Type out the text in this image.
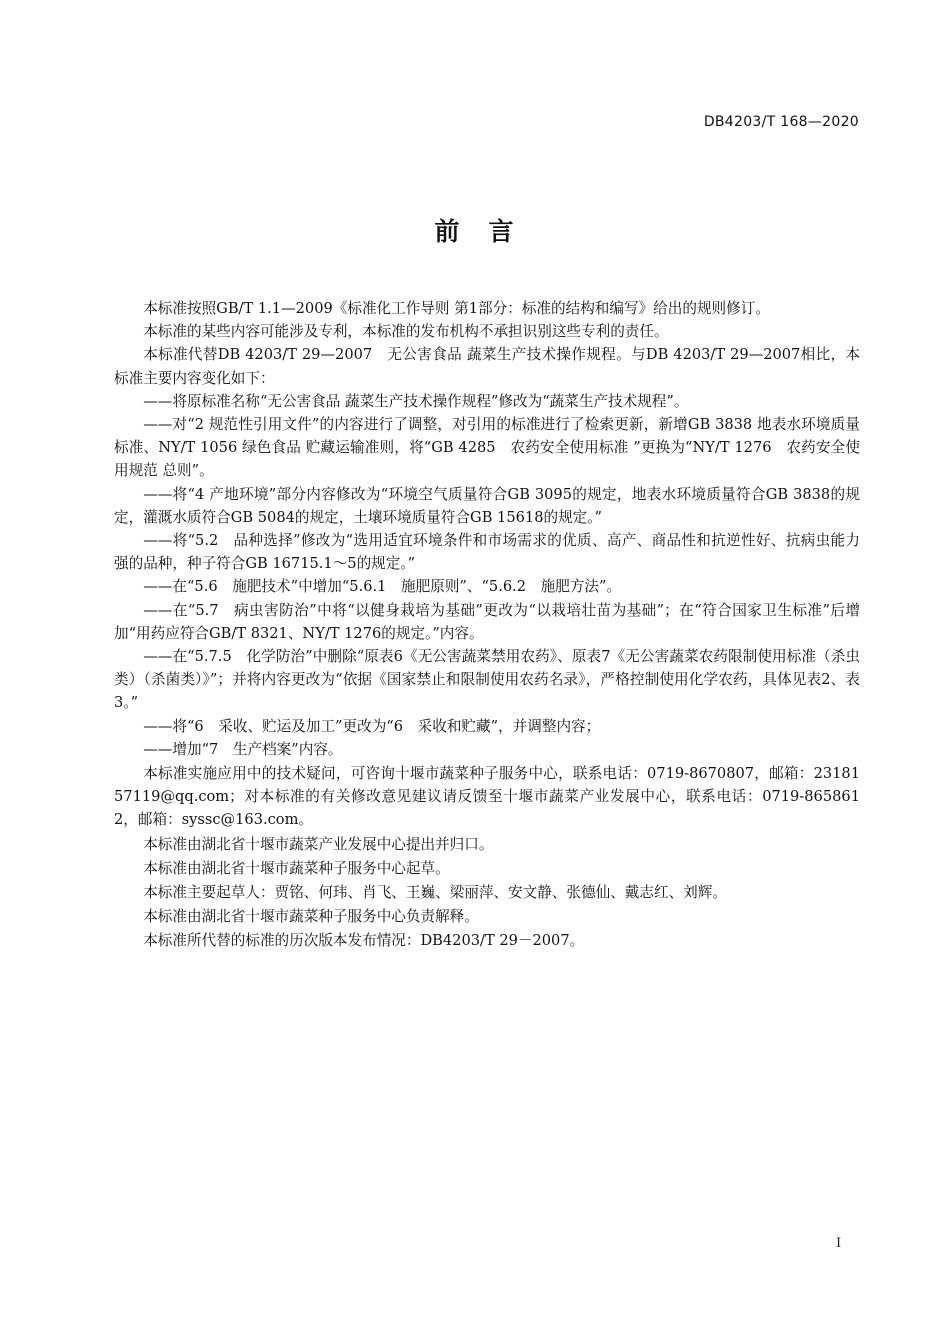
DB4203/T 168—2020
前　言

本标准按照GB/T 1.1—2009《标准化工作导则 第1部分：标准的结构和编写》给出的规则修订。

本标准的某些内容可能涉及专利，本标准的发布机构不承担识别这些专利的责任。

本标准代替DB 4203/T 29—2007　无公害食品 蔬菜生产技术操作规程。与DB 4203/T 29—2007相比，本标准主要内容变化如下：

——将原标准名称“无公害食品 蔬菜生产技术操作规程”修改为“蔬菜生产技术规程”。

——对“2 规范性引用文件”的内容进行了调整，对引用的标准进行了检索更新，新增GB 3838 地表水环境质量标准、NY/T 1056 绿色食品 贮藏运输准则，将“GB 4285　农药安全使用标准 ”更换为“NY/T 1276　农药安全使用规范 总则”。

——将“4 产地环境”部分内容修改为“环境空气质量符合GB 3095的规定，地表水环境质量符合GB 3838的规定，灌溉水质符合GB 5084的规定，土壤环境质量符合GB 15618的规定。”

——将“5.2　品种选择”修改为“选用适宜环境条件和市场需求的优质、高产、商品性和抗逆性好、抗病虫能力强的品种，种子符合GB 16715.1～5的规定。”

——在“5.6　施肥技术”中增加“5.6.1　施肥原则”、“5.6.2　施肥方法”。

——在“5.7　病虫害防治”中将“以健身栽培为基础”更改为“以栽培壮苗为基础”；在“符合国家卫生标准”后增加“用药应符合GB/T 8321、NY/T 1276的规定。”内容。

——在“5.7.5　化学防治”中删除“原表6《无公害蔬菜禁用农药》、原表7《无公害蔬菜农药限制使用标准（杀虫类）（杀菌类）》”；并将内容更改为“依据《国家禁止和限制使用农药名录》，严格控制使用化学农药，具体见表2、表3。”

——将“6　采收、贮运及加工”更改为“6　采收和贮藏”，并调整内容；

——增加“7　生产档案”内容。

本标准实施应用中的技术疑问，可咨询十堰市蔬菜种子服务中心，联系电话：0719-8670807，邮箱：2318157119@qq.com；对本标准的有关修改意见建议请反馈至十堰市蔬菜产业发展中心，联系电话：0719-8658612，邮箱：syssc@163.com。

本标准由湖北省十堰市蔬菜产业发展中心提出并归口。

本标准由湖北省十堰市蔬菜种子服务中心起草。

本标准主要起草人：贾铭、何玮、肖飞、王巍、梁丽萍、安文静、张德仙、戴志红、刘辉。

本标准由湖北省十堰市蔬菜种子服务中心负责解释。

本标准所代替的标准的历次版本发布情况：DB4203/T 29－2007。

I
